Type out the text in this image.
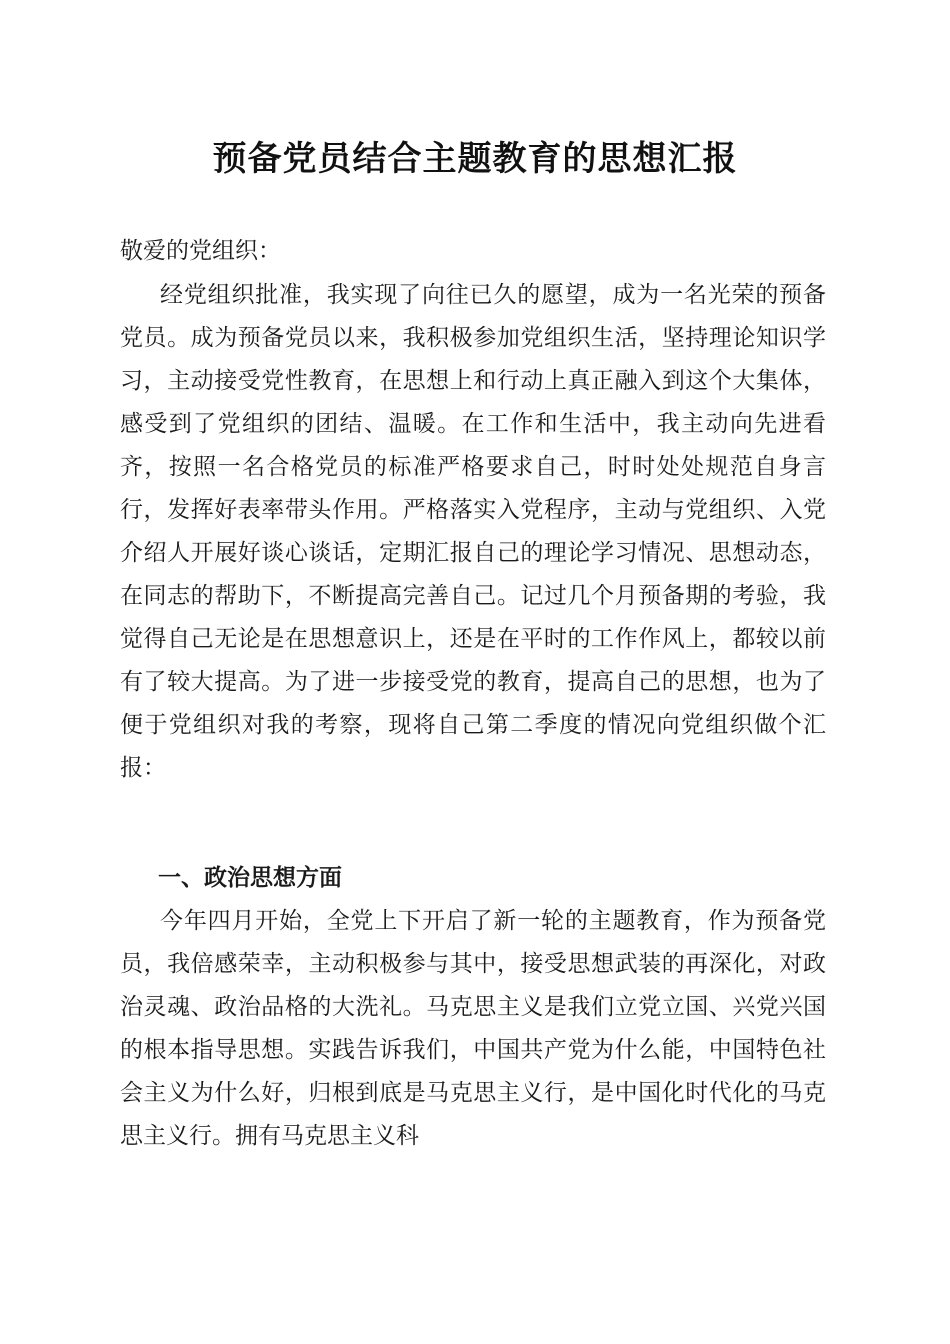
预备党员结合主题教育的思想汇报

敬爱的党组织：

经党组织批准，我实现了向往已久的愿望，成为一名光荣的预备党员。成为预备党员以来，我积极参加党组织生活，坚持理论知识学习，主动接受党性教育，在思想上和行动上真正融入到这个大集体，感受到了党组织的团结、温暖。在工作和生活中，我主动向先进看齐，按照一名合格党员的标准严格要求自己，时时处处规范自身言行，发挥好表率带头作用。严格落实入党程序，主动与党组织、入党介绍人开展好谈心谈话，定期汇报自己的理论学习情况、思想动态，在同志的帮助下，不断提高完善自己。记过几个月预备期的考验，我觉得自己无论是在思想意识上，还是在平时的工作作风上，都较以前有了较大提高。为了进一步接受党的教育，提高自己的思想，也为了便于党组织对我的考察，现将自己第二季度的情况向党组织做个汇报：

一、政治思想方面

今年四月开始，全党上下开启了新一轮的主题教育，作为预备党员，我倍感荣幸，主动积极参与其中，接受思想武装的再深化，对政治灵魂、政治品格的大洗礼。马克思主义是我们立党立国、兴党兴国的根本指导思想。实践告诉我们，中国共产党为什么能，中国特色社会主义为什么好，归根到底是马克思主义行，是中国化时代化的马克思主义行。拥有马克思主义科
